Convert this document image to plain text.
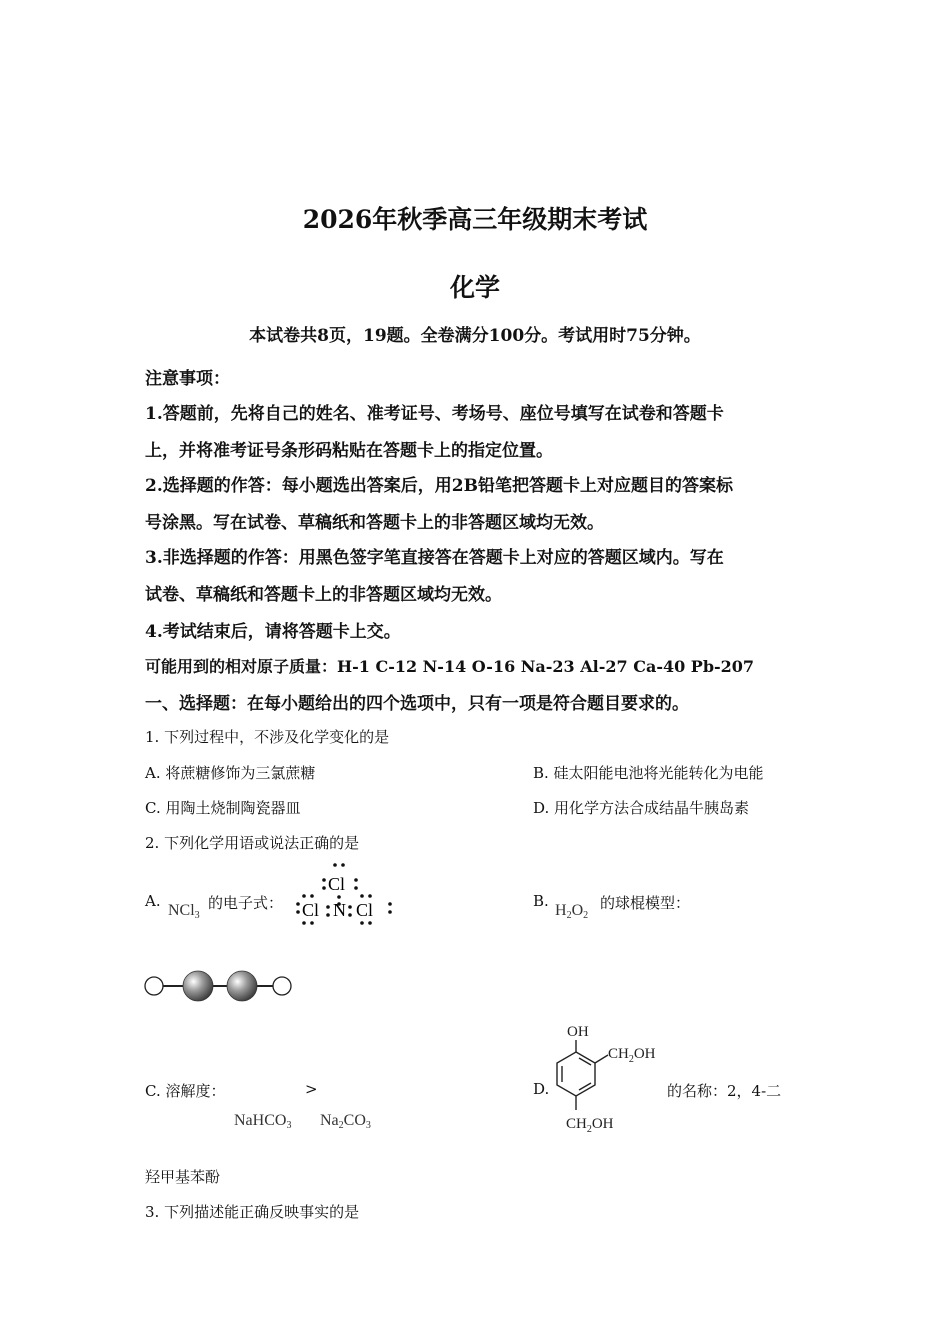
2026年秋季高三年级期末考试
化学
本试卷共8页，19题。全卷满分100分。考试用时75分钟。
注意事项：
1.答题前，先将自己的姓名、准考证号、考场号、座位号填写在试卷和答题卡
上，并将准考证号条形码粘贴在答题卡上的指定位置。
2.选择题的作答：每小题选出答案后，用2B铅笔把答题卡上对应题目的答案标
号涂黑。写在试卷、草稿纸和答题卡上的非答题区域均无效。
3.非选择题的作答：用黑色签字笔直接答在答题卡上对应的答题区域内。写在
试卷、草稿纸和答题卡上的非答题区域均无效。
4.考试结束后，请将答题卡上交。
可能用到的相对原子质量：H-1 C-12 N-14 O-16 Na-23 Al-27 Ca-40 Pb-207
一、选择题：在每小题给出的四个选项中，只有一项是符合题目要求的。
1. 下列过程中，不涉及化学变化的是
A. 将蔗糖修饰为三氯蔗糖	B. 硅太阳能电池将光能转化为电能
C. 用陶土烧制陶瓷器皿	D. 用化学方法合成结晶牛胰岛素
2. 下列化学用语或说法正确的是
A.
NCl$_3$
的电子式：
Cl
Cl N Cl	B.
$H_2O_2$
的球棍模型：
C. 溶解度：	>
NaHCO$_3$ $Na_2CO_3$
D.
OH
$CH_2OH$
$CH_2OH$
的名称：2，4-二
羟甲基苯酚
3. 下列描述能正确反映事实的是
